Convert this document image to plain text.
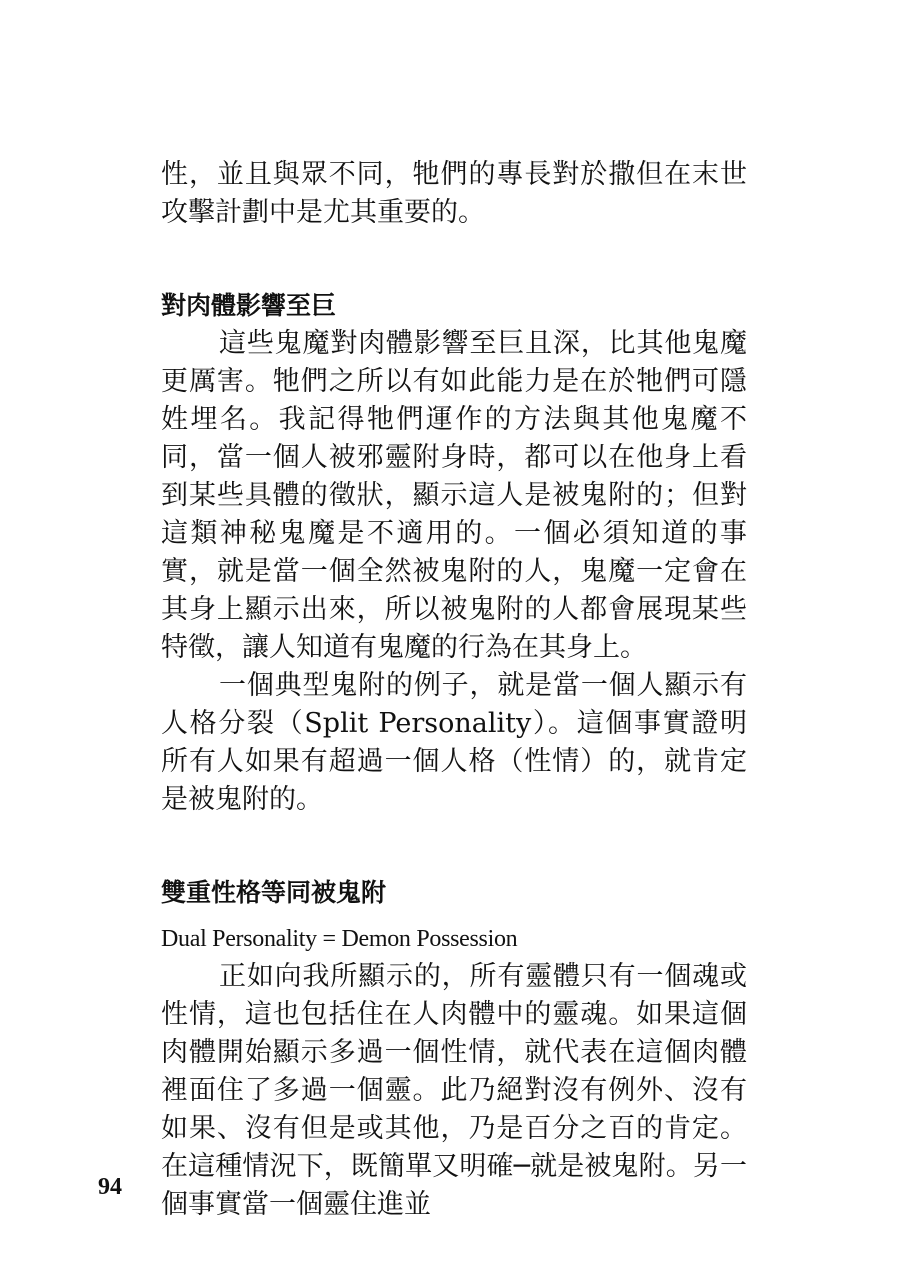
性，並且與眾不同，牠們的專長對於撒但在末世攻擊計劃中是尤其重要的。

對肉體影響至巨

這些鬼魔對肉體影響至巨且深，比其他鬼魔更厲害。牠們之所以有如此能力是在於牠們可隱姓埋名。我記得牠們運作的方法與其他鬼魔不同，當一個人被邪靈附身時，都可以在他身上看到某些具體的徵狀，顯示這人是被鬼附的；但對這類神秘鬼魔是不適用的。一個必須知道的事實，就是當一個全然被鬼附的人，鬼魔一定會在其身上顯示出來，所以被鬼附的人都會展現某些特徵，讓人知道有鬼魔的行為在其身上。

一個典型鬼附的例子，就是當一個人顯示有人格分裂（Split Personality）。這個事實證明所有人如果有超過一個人格（性情）的，就肯定是被鬼附的。

雙重性格等同被鬼附

Dual Personality = Demon Possession

正如向我所顯示的，所有靈體只有一個魂或性情，這也包括住在人肉體中的靈魂。如果這個肉體開始顯示多過一個性情，就代表在這個肉體裡面住了多過一個靈。此乃絕對沒有例外、沒有如果、沒有但是或其他，乃是百分之百的肯定。在這種情況下，既簡單又明確─就是被鬼附。另一個事實當一個靈住進並

94
